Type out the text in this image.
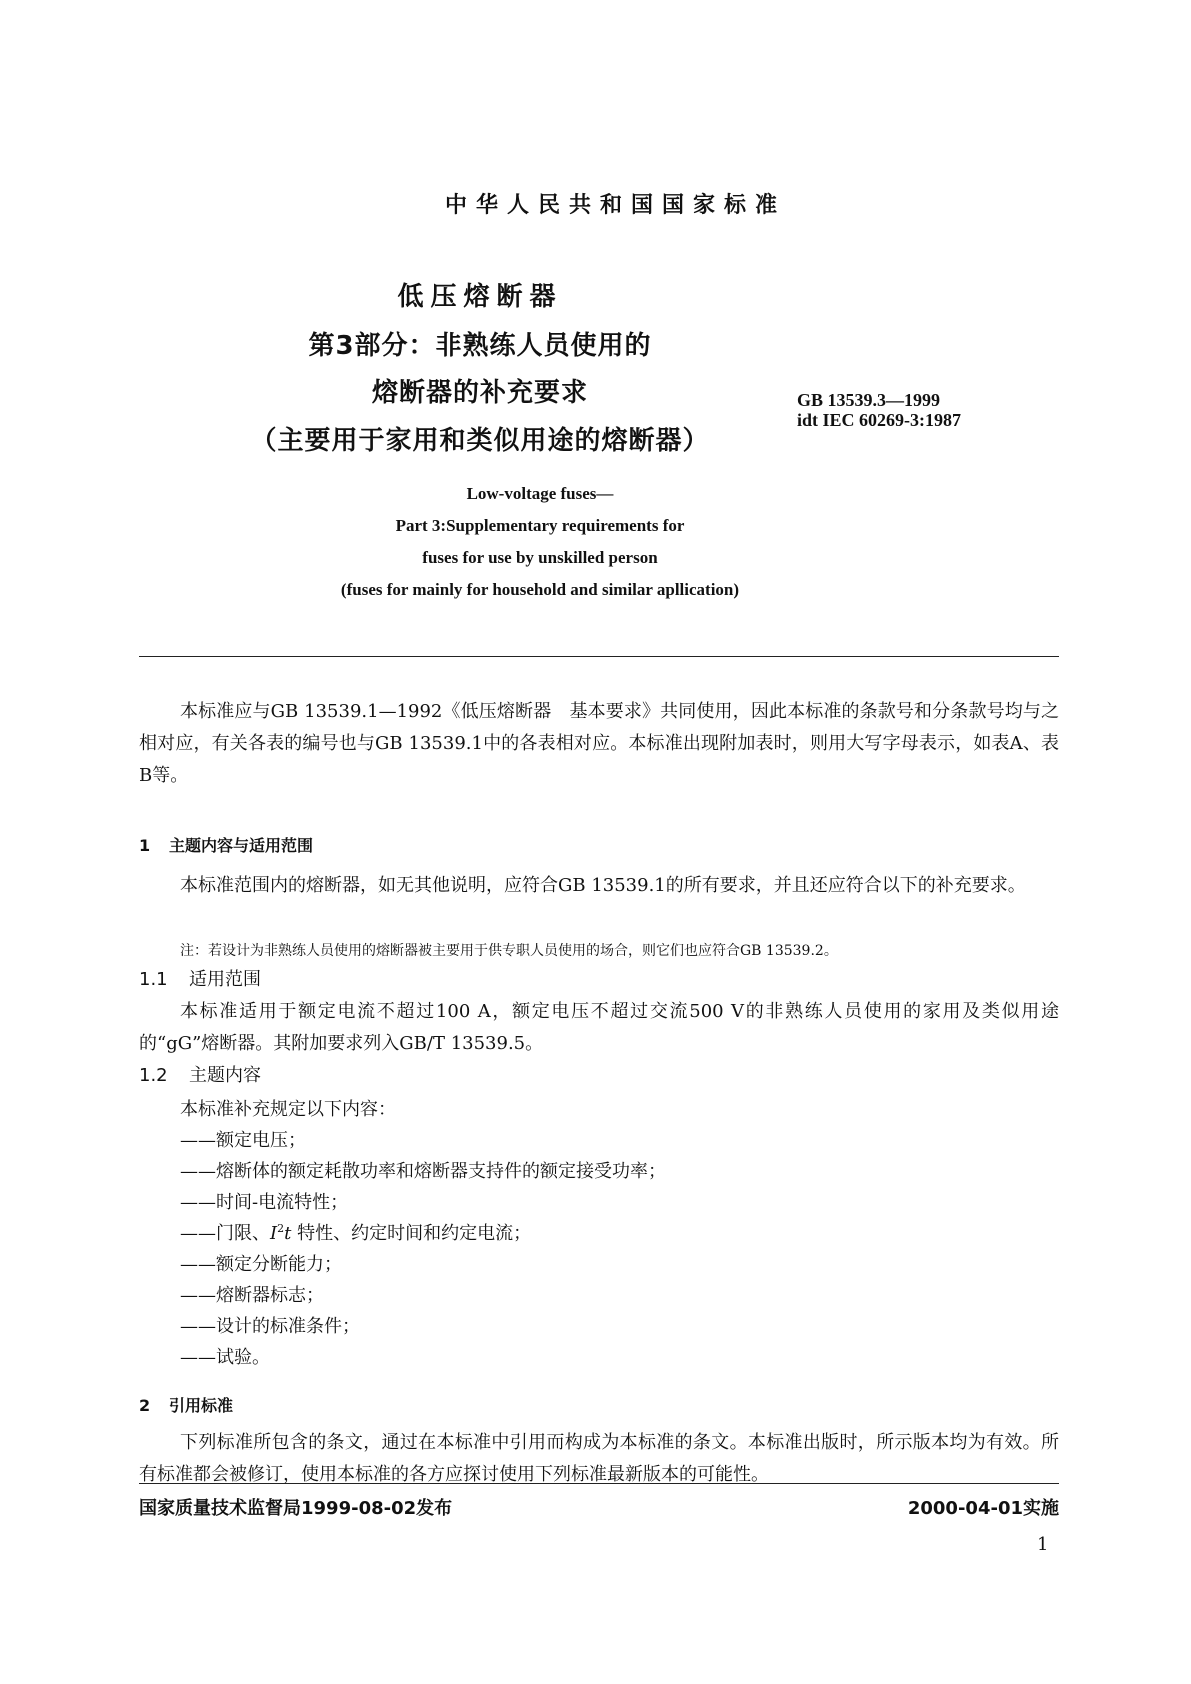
中华人民共和国国家标准
低压熔断器
第3部分：非熟练人员使用的
熔断器的补充要求
（主要用于家用和类似用途的熔断器）
GB 13539.3—1999
idt IEC 60269-3:1987
Low-voltage fuses—
Part 3:Supplementary requirements for
fuses for use by unskilled person
(fuses for mainly for household and similar apllication)
本标准应与GB 13539.1—1992《低压熔断器　基本要求》共同使用，因此本标准的条款号和分条款号均与之相对应，有关各表的编号也与GB 13539.1中的各表相对应。本标准出现附加表时，则用大写字母表示，如表A、表B等。
1 主题内容与适用范围
本标准范围内的熔断器，如无其他说明，应符合GB 13539.1的所有要求，并且还应符合以下的补充要求。
注：若设计为非熟练人员使用的熔断器被主要用于供专职人员使用的场合，则它们也应符合GB 13539.2。
1.1 适用范围
本标准适用于额定电流不超过100 A，额定电压不超过交流500 V的非熟练人员使用的家用及类似用途的“gG”熔断器。其附加要求列入GB/T 13539.5。
1.2 主题内容
本标准补充规定以下内容：
——额定电压；
——熔断体的额定耗散功率和熔断器支持件的额定接受功率；
——时间-电流特性；
——门限、$I^2t$ 特性、约定时间和约定电流；
——额定分断能力；
——熔断器标志；
——设计的标准条件；
——试验。
2 引用标准
下列标准所包含的条文，通过在本标准中引用而构成为本标准的条文。本标准出版时，所示版本均为有效。所有标准都会被修订，使用本标准的各方应探讨使用下列标准最新版本的可能性。
国家质量技术监督局1999-08-02发布	2000-04-01实施
1
